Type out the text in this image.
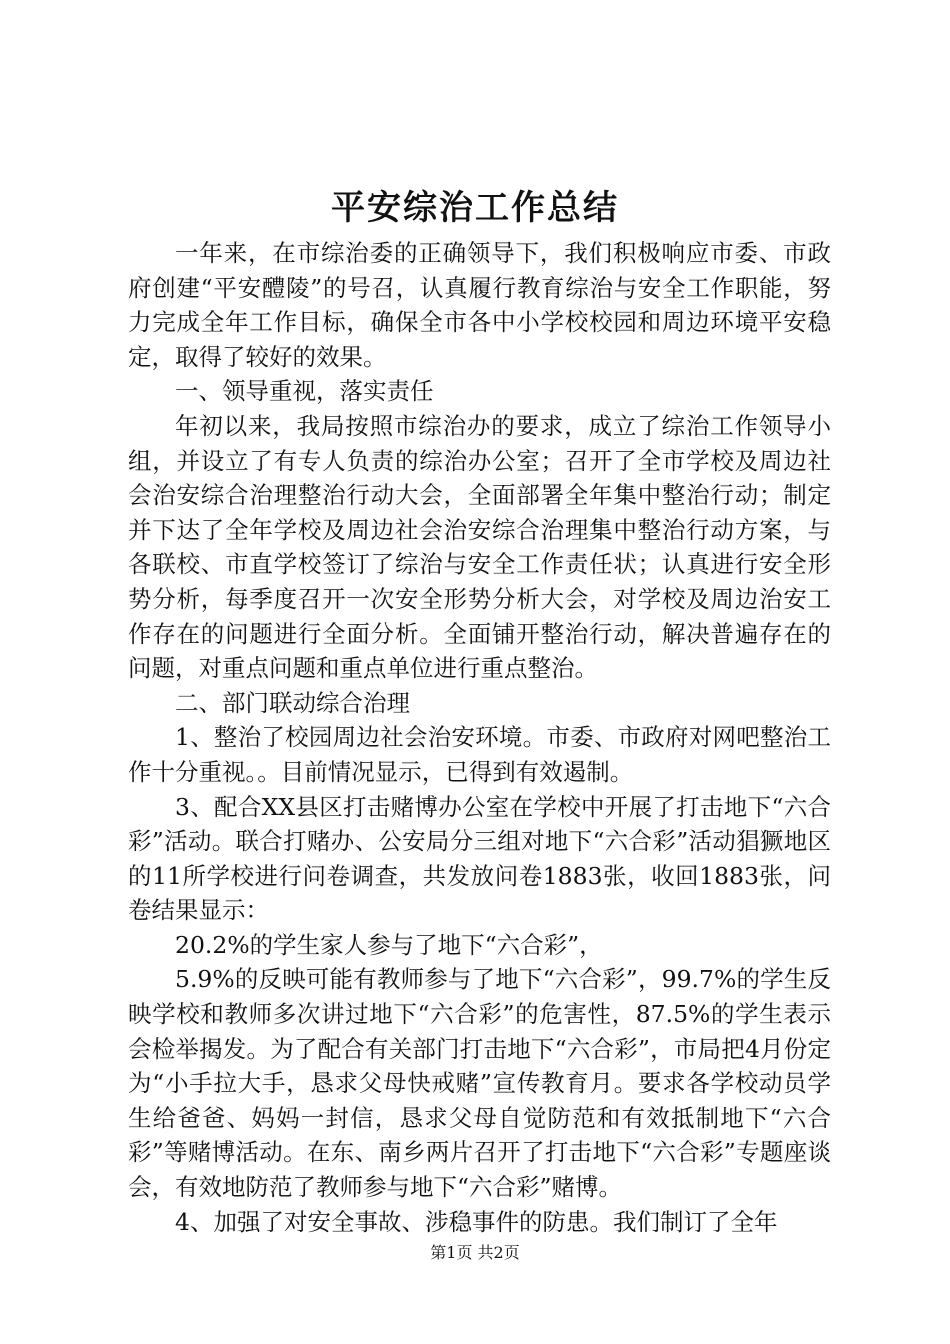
平安综治工作总结

一年来，在市综治委的正确领导下，我们积极响应市委、市政府创建“平安醴陵”的号召，认真履行教育综治与安全工作职能，努力完成全年工作目标，确保全市各中小学校校园和周边环境平安稳定，取得了较好的效果。

一、领导重视，落实责任

年初以来，我局按照市综治办的要求，成立了综治工作领导小组，并设立了有专人负责的综治办公室；召开了全市学校及周边社会治安综合治理整治行动大会，全面部署全年集中整治行动；制定并下达了全年学校及周边社会治安综合治理集中整治行动方案，与各联校、市直学校签订了综治与安全工作责任状；认真进行安全形势分析，每季度召开一次安全形势分析大会，对学校及周边治安工作存在的问题进行全面分析。全面铺开整治行动，解决普遍存在的问题，对重点问题和重点单位进行重点整治。

二、部门联动综合治理

1、整治了校园周边社会治安环境。市委、市政府对网吧整治工作十分重视。。目前情况显示，已得到有效遏制。

3、配合XX县区打击赌博办公室在学校中开展了打击地下“六合彩”活动。联合打赌办、公安局分三组对地下“六合彩”活动猖獗地区的11所学校进行问卷调查，共发放问卷1883张，收回1883张，问卷结果显示：

20.2%的学生家人参与了地下“六合彩”，

5.9%的反映可能有教师参与了地下“六合彩”，99.7%的学生反映学校和教师多次讲过地下“六合彩”的危害性，87.5%的学生表示会检举揭发。为了配合有关部门打击地下“六合彩”，市局把4月份定为“小手拉大手，恳求父母快戒赌”宣传教育月。要求各学校动员学生给爸爸、妈妈一封信，恳求父母自觉防范和有效抵制地下“六合彩”等赌博活动。在东、南乡两片召开了打击地下“六合彩”专题座谈会，有效地防范了教师参与地下“六合彩”赌博。

4、加强了对安全事故、涉稳事件的防患。我们制订了全年

第1页 共2页
